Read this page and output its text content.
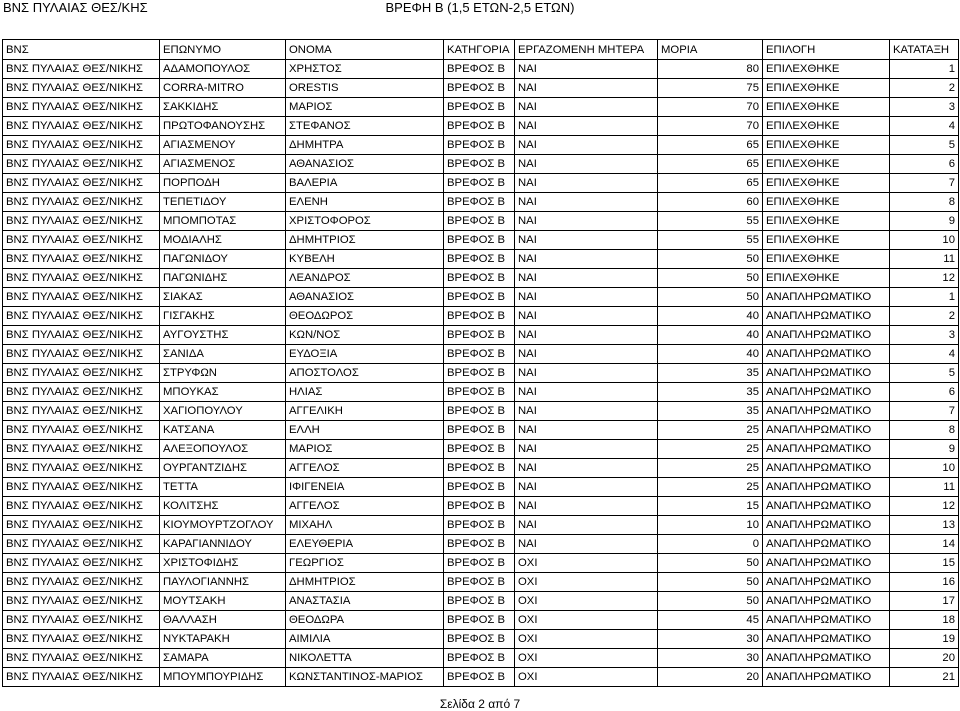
ΒΝΣ ΠΥΛΑΙΑΣ ΘΕΣ/ΚΗΣ	ΒΡΕΦΗ Β (1,5 ΕΤΩΝ-2,5 ΕΤΩΝ)
ΒΝΣ	ΕΠΩΝΥΜΟ	ΟΝΟΜΑ	ΚΑΤΗΓΟΡΙΑ	ΕΡΓΑΖΟΜΕΝΗ ΜΗΤΕΡΑ	ΜΟΡΙΑ	ΕΠΙΛΟΓΗ	ΚΑΤΑΤΑΞΗ
ΒΝΣ ΠΥΛΑΙΑΣ ΘΕΣ/ΝΙΚΗΣ	ΑΔΑΜΟΠΟΥΛΟΣ	ΧΡΗΣΤΟΣ	ΒΡΕΦΟΣ Β	ΝΑΙ	80	ΕΠΙΛΕΧΘΗΚΕ	1
ΒΝΣ ΠΥΛΑΙΑΣ ΘΕΣ/ΝΙΚΗΣ	CORRA-MITRO	ORESTIS	ΒΡΕΦΟΣ Β	ΝΑΙ	75	ΕΠΙΛΕΧΘΗΚΕ	2
ΒΝΣ ΠΥΛΑΙΑΣ ΘΕΣ/ΝΙΚΗΣ	ΣΑΚΚΙΔΗΣ	ΜΑΡΙΟΣ	ΒΡΕΦΟΣ Β	ΝΑΙ	70	ΕΠΙΛΕΧΘΗΚΕ	3
ΒΝΣ ΠΥΛΑΙΑΣ ΘΕΣ/ΝΙΚΗΣ	ΠΡΩΤΟΦΑΝΟΥΣΗΣ	ΣΤΕΦΑΝΟΣ	ΒΡΕΦΟΣ Β	ΝΑΙ	70	ΕΠΙΛΕΧΘΗΚΕ	4
ΒΝΣ ΠΥΛΑΙΑΣ ΘΕΣ/ΝΙΚΗΣ	ΑΓΙΑΣΜΕΝΟΥ	ΔΗΜΗΤΡΑ	ΒΡΕΦΟΣ Β	ΝΑΙ	65	ΕΠΙΛΕΧΘΗΚΕ	5
ΒΝΣ ΠΥΛΑΙΑΣ ΘΕΣ/ΝΙΚΗΣ	ΑΓΙΑΣΜΕΝΟΣ	ΑΘΑΝΑΣΙΟΣ	ΒΡΕΦΟΣ Β	ΝΑΙ	65	ΕΠΙΛΕΧΘΗΚΕ	6
ΒΝΣ ΠΥΛΑΙΑΣ ΘΕΣ/ΝΙΚΗΣ	ΠΟΡΠΟΔΗ	ΒΑΛΕΡΙΑ	ΒΡΕΦΟΣ Β	ΝΑΙ	65	ΕΠΙΛΕΧΘΗΚΕ	7
ΒΝΣ ΠΥΛΑΙΑΣ ΘΕΣ/ΝΙΚΗΣ	ΤΕΠΕΤΙΔΟΥ	ΕΛΕΝΗ	ΒΡΕΦΟΣ Β	ΝΑΙ	60	ΕΠΙΛΕΧΘΗΚΕ	8
ΒΝΣ ΠΥΛΑΙΑΣ ΘΕΣ/ΝΙΚΗΣ	ΜΠΟΜΠΟΤΑΣ	ΧΡΙΣΤΟΦΟΡΟΣ	ΒΡΕΦΟΣ Β	ΝΑΙ	55	ΕΠΙΛΕΧΘΗΚΕ	9
ΒΝΣ ΠΥΛΑΙΑΣ ΘΕΣ/ΝΙΚΗΣ	ΜΟΔΙΑΛΗΣ	ΔΗΜΗΤΡΙΟΣ	ΒΡΕΦΟΣ Β	ΝΑΙ	55	ΕΠΙΛΕΧΘΗΚΕ	10
ΒΝΣ ΠΥΛΑΙΑΣ ΘΕΣ/ΝΙΚΗΣ	ΠΑΓΩΝΙΔΟΥ	ΚΥΒΕΛΗ	ΒΡΕΦΟΣ Β	ΝΑΙ	50	ΕΠΙΛΕΧΘΗΚΕ	11
ΒΝΣ ΠΥΛΑΙΑΣ ΘΕΣ/ΝΙΚΗΣ	ΠΑΓΩΝΙΔΗΣ	ΛΕΑΝΔΡΟΣ	ΒΡΕΦΟΣ Β	ΝΑΙ	50	ΕΠΙΛΕΧΘΗΚΕ	12
ΒΝΣ ΠΥΛΑΙΑΣ ΘΕΣ/ΝΙΚΗΣ	ΣΙΑΚΑΣ	ΑΘΑΝΑΣΙΟΣ	ΒΡΕΦΟΣ Β	ΝΑΙ	50	ΑΝΑΠΛΗΡΩΜΑΤΙΚΟ	1
ΒΝΣ ΠΥΛΑΙΑΣ ΘΕΣ/ΝΙΚΗΣ	ΓΙΣΓΑΚΗΣ	ΘΕΟΔΩΡΟΣ	ΒΡΕΦΟΣ Β	ΝΑΙ	40	ΑΝΑΠΛΗΡΩΜΑΤΙΚΟ	2
ΒΝΣ ΠΥΛΑΙΑΣ ΘΕΣ/ΝΙΚΗΣ	ΑΥΓΟΥΣΤΗΣ	ΚΩΝ/ΝΟΣ	ΒΡΕΦΟΣ Β	ΝΑΙ	40	ΑΝΑΠΛΗΡΩΜΑΤΙΚΟ	3
ΒΝΣ ΠΥΛΑΙΑΣ ΘΕΣ/ΝΙΚΗΣ	ΣΑΝΙΔΑ	ΕΥΔΟΞΙΑ	ΒΡΕΦΟΣ Β	ΝΑΙ	40	ΑΝΑΠΛΗΡΩΜΑΤΙΚΟ	4
ΒΝΣ ΠΥΛΑΙΑΣ ΘΕΣ/ΝΙΚΗΣ	ΣΤΡΥΦΩΝ	ΑΠΟΣΤΟΛΟΣ	ΒΡΕΦΟΣ Β	ΝΑΙ	35	ΑΝΑΠΛΗΡΩΜΑΤΙΚΟ	5
ΒΝΣ ΠΥΛΑΙΑΣ ΘΕΣ/ΝΙΚΗΣ	ΜΠΟΥΚΑΣ	ΗΛΙΑΣ	ΒΡΕΦΟΣ Β	ΝΑΙ	35	ΑΝΑΠΛΗΡΩΜΑΤΙΚΟ	6
ΒΝΣ ΠΥΛΑΙΑΣ ΘΕΣ/ΝΙΚΗΣ	ΧΑΓΙΟΠΟΥΛΟΥ	ΑΓΓΕΛΙΚΗ	ΒΡΕΦΟΣ Β	ΝΑΙ	35	ΑΝΑΠΛΗΡΩΜΑΤΙΚΟ	7
ΒΝΣ ΠΥΛΑΙΑΣ ΘΕΣ/ΝΙΚΗΣ	ΚΑΤΣΑΝΑ	ΕΛΛΗ	ΒΡΕΦΟΣ Β	ΝΑΙ	25	ΑΝΑΠΛΗΡΩΜΑΤΙΚΟ	8
ΒΝΣ ΠΥΛΑΙΑΣ ΘΕΣ/ΝΙΚΗΣ	ΑΛΕΞΟΠΟΥΛΟΣ	ΜΑΡΙΟΣ	ΒΡΕΦΟΣ Β	ΝΑΙ	25	ΑΝΑΠΛΗΡΩΜΑΤΙΚΟ	9
ΒΝΣ ΠΥΛΑΙΑΣ ΘΕΣ/ΝΙΚΗΣ	ΟΥΡΓΑΝΤΖΙΔΗΣ	ΑΓΓΕΛΟΣ	ΒΡΕΦΟΣ Β	ΝΑΙ	25	ΑΝΑΠΛΗΡΩΜΑΤΙΚΟ	10
ΒΝΣ ΠΥΛΑΙΑΣ ΘΕΣ/ΝΙΚΗΣ	ΤΕΤΤΑ	ΙΦΙΓΕΝΕΙΑ	ΒΡΕΦΟΣ Β	ΝΑΙ	25	ΑΝΑΠΛΗΡΩΜΑΤΙΚΟ	11
ΒΝΣ ΠΥΛΑΙΑΣ ΘΕΣ/ΝΙΚΗΣ	ΚΟΛΙΤΣΗΣ	ΑΓΓΕΛΟΣ	ΒΡΕΦΟΣ Β	ΝΑΙ	15	ΑΝΑΠΛΗΡΩΜΑΤΙΚΟ	12
ΒΝΣ ΠΥΛΑΙΑΣ ΘΕΣ/ΝΙΚΗΣ	ΚΙΟΥΜΟΥΡΤΖΟΓΛΟΥ	ΜΙΧΑΗΛ	ΒΡΕΦΟΣ Β	ΝΑΙ	10	ΑΝΑΠΛΗΡΩΜΑΤΙΚΟ	13
ΒΝΣ ΠΥΛΑΙΑΣ ΘΕΣ/ΝΙΚΗΣ	ΚΑΡΑΓΙΑΝΝΙΔΟΥ	ΕΛΕΥΘΕΡΙΑ	ΒΡΕΦΟΣ Β	ΝΑΙ	0	ΑΝΑΠΛΗΡΩΜΑΤΙΚΟ	14
ΒΝΣ ΠΥΛΑΙΑΣ ΘΕΣ/ΝΙΚΗΣ	ΧΡΙΣΤΟΦΙΔΗΣ	ΓΕΩΡΓΙΟΣ	ΒΡΕΦΟΣ Β	ΟΧΙ	50	ΑΝΑΠΛΗΡΩΜΑΤΙΚΟ	15
ΒΝΣ ΠΥΛΑΙΑΣ ΘΕΣ/ΝΙΚΗΣ	ΠΑΥΛΟΓΙΑΝΝΗΣ	ΔΗΜΗΤΡΙΟΣ	ΒΡΕΦΟΣ Β	ΟΧΙ	50	ΑΝΑΠΛΗΡΩΜΑΤΙΚΟ	16
ΒΝΣ ΠΥΛΑΙΑΣ ΘΕΣ/ΝΙΚΗΣ	ΜΟΥΤΣΑΚΗ	ΑΝΑΣΤΑΣΙΑ	ΒΡΕΦΟΣ Β	ΟΧΙ	50	ΑΝΑΠΛΗΡΩΜΑΤΙΚΟ	17
ΒΝΣ ΠΥΛΑΙΑΣ ΘΕΣ/ΝΙΚΗΣ	ΘΑΛΛΑΣΗ	ΘΕΟΔΩΡΑ	ΒΡΕΦΟΣ Β	ΟΧΙ	45	ΑΝΑΠΛΗΡΩΜΑΤΙΚΟ	18
ΒΝΣ ΠΥΛΑΙΑΣ ΘΕΣ/ΝΙΚΗΣ	ΝΥΚΤΑΡΑΚΗ	ΑΙΜΙΛΙΑ	ΒΡΕΦΟΣ Β	ΟΧΙ	30	ΑΝΑΠΛΗΡΩΜΑΤΙΚΟ	19
ΒΝΣ ΠΥΛΑΙΑΣ ΘΕΣ/ΝΙΚΗΣ	ΣΑΜΑΡΑ	ΝΙΚΟΛΕΤΤΑ	ΒΡΕΦΟΣ Β	ΟΧΙ	30	ΑΝΑΠΛΗΡΩΜΑΤΙΚΟ	20
ΒΝΣ ΠΥΛΑΙΑΣ ΘΕΣ/ΝΙΚΗΣ	ΜΠΟΥΜΠΟΥΡΙΔΗΣ	ΚΩΝΣΤΑΝΤΙΝΟΣ-ΜΑΡΙΟΣ	ΒΡΕΦΟΣ Β	ΟΧΙ	20	ΑΝΑΠΛΗΡΩΜΑΤΙΚΟ	21
Σελίδα 2 από 7
